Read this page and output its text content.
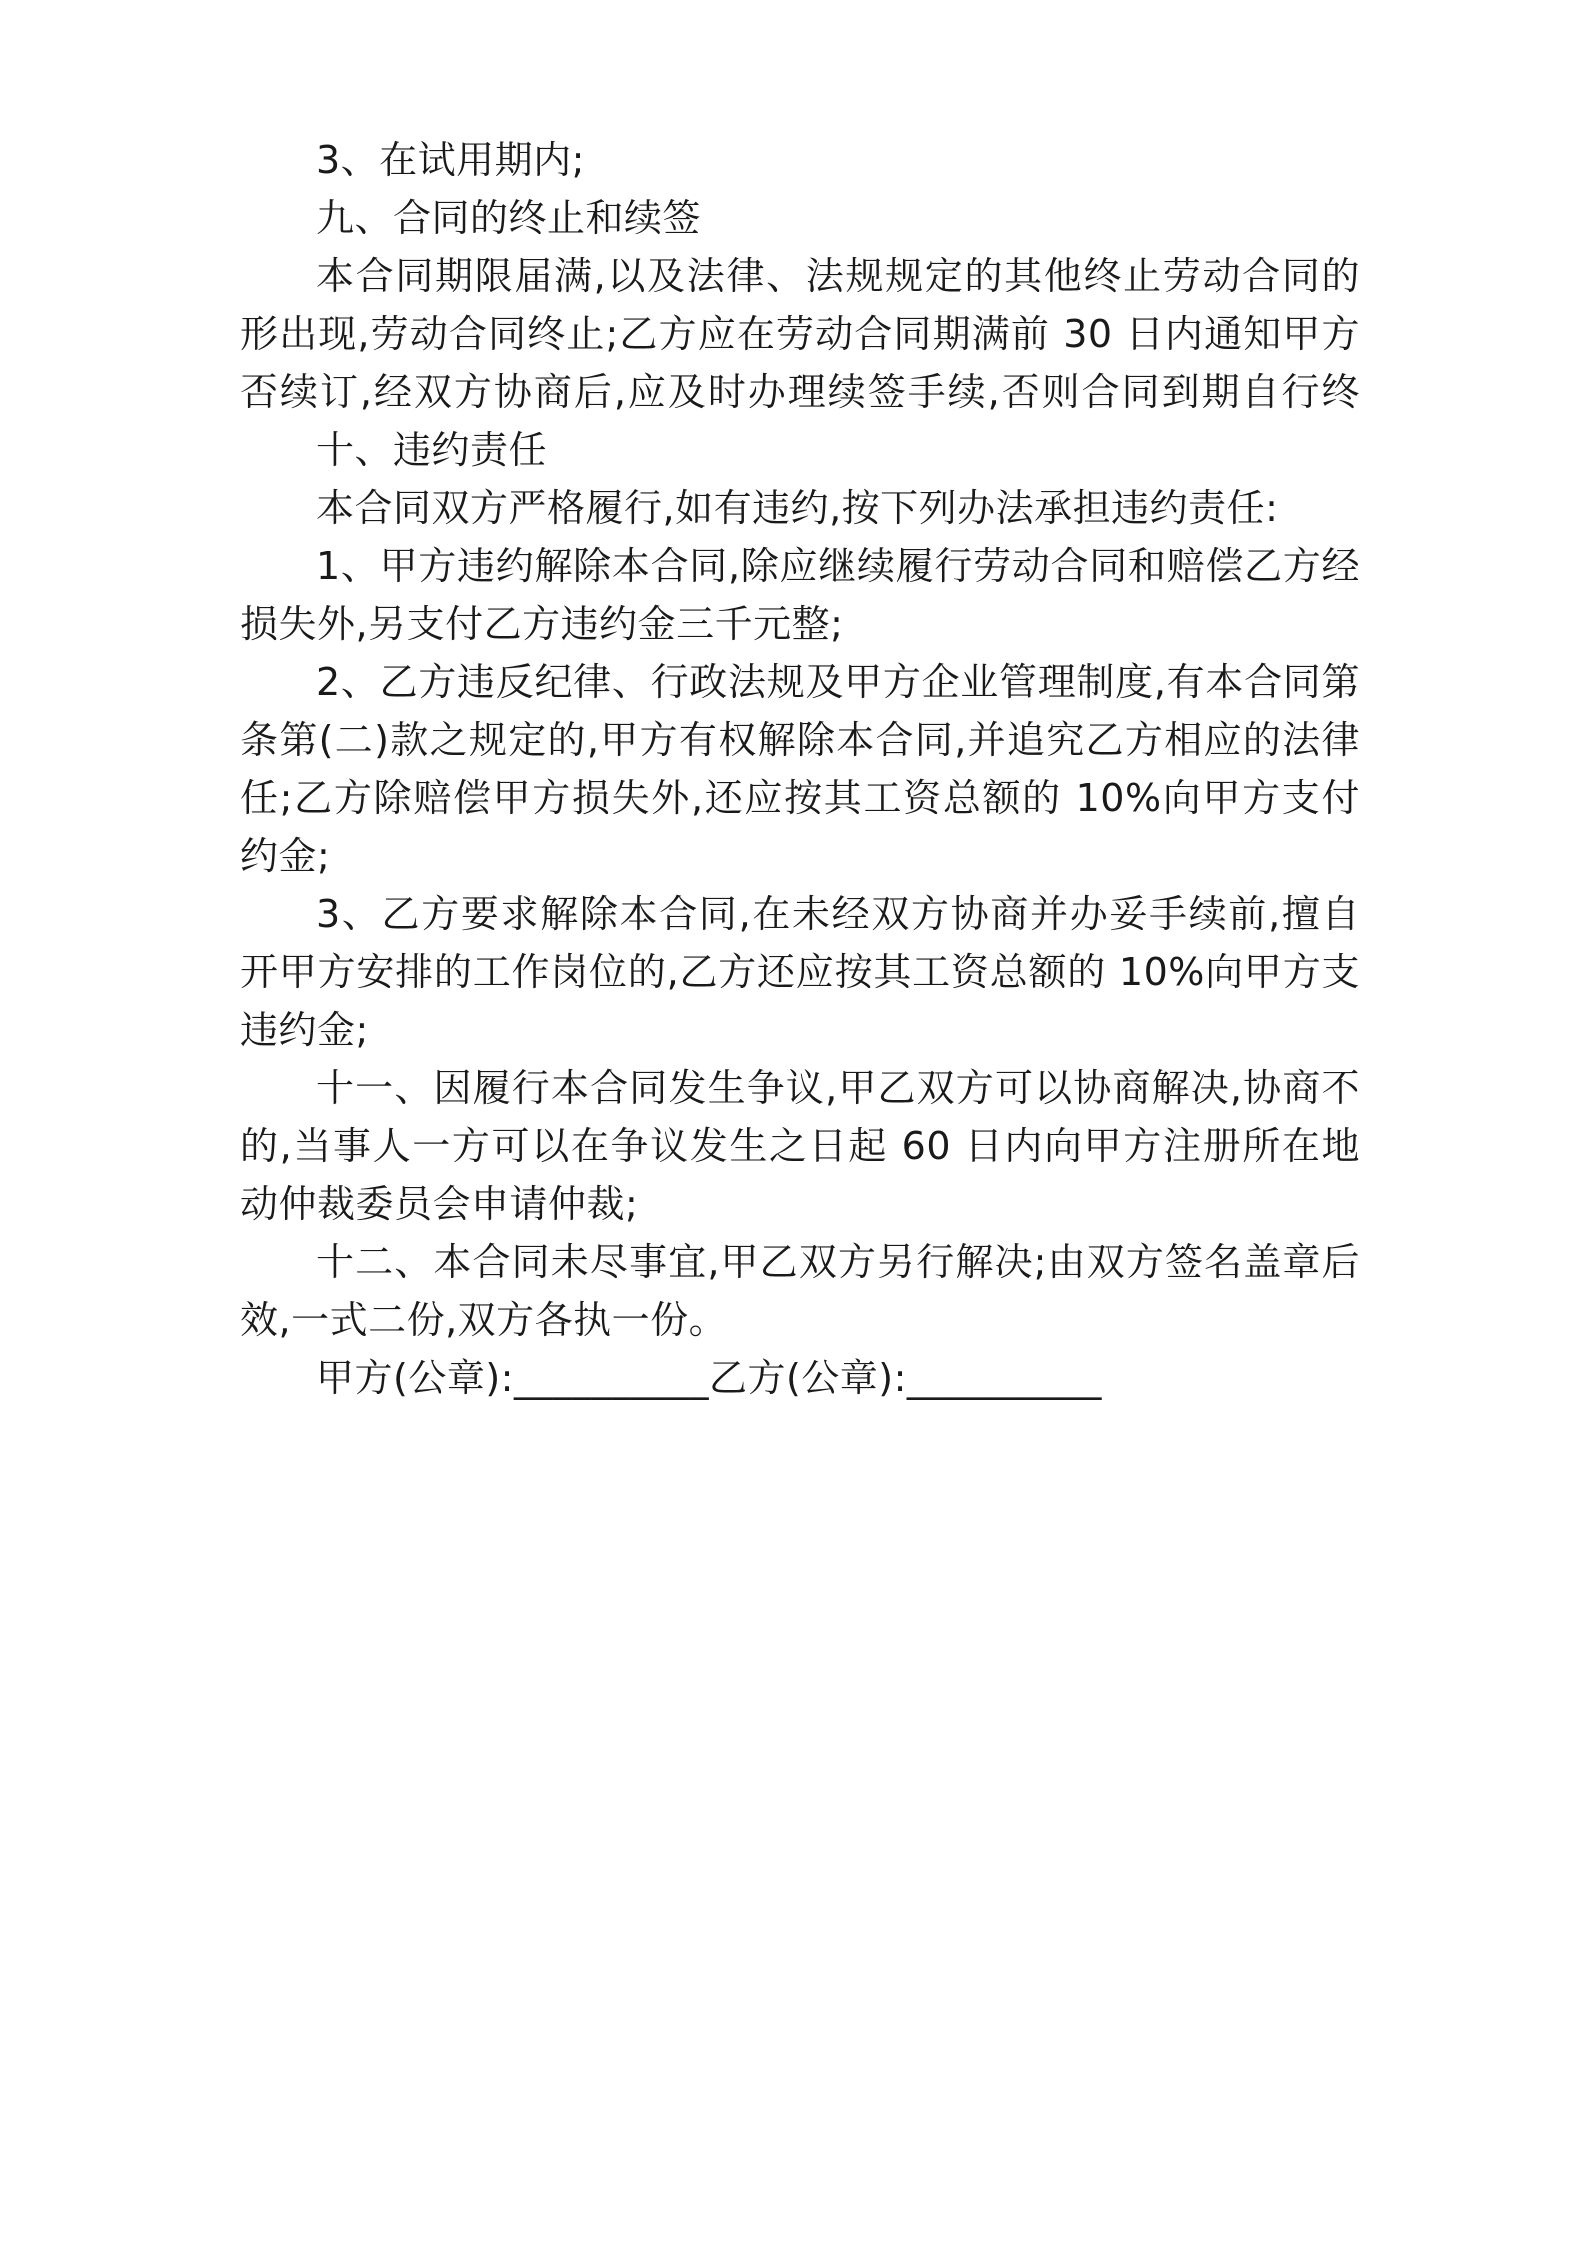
3、在试用期内;
九、合同的终止和续签
本合同期限届满,以及法律、法规规定的其他终止劳动合同的
形出现,劳动合同终止;乙方应在劳动合同期满前 30 日内通知甲方
否续订,经双方协商后,应及时办理续签手续,否则合同到期自行终
十、违约责任
本合同双方严格履行,如有违约,按下列办法承担违约责任:
1、甲方违约解除本合同,除应继续履行劳动合同和赔偿乙方经
损失外,另支付乙方违约金三千元整;
2、乙方违反纪律、行政法规及甲方企业管理制度,有本合同第
条第(二)款之规定的,甲方有权解除本合同,并追究乙方相应的法律
任;乙方除赔偿甲方损失外,还应按其工资总额的 10%向甲方支付
约金;
3、乙方要求解除本合同,在未经双方协商并办妥手续前,擅自
开甲方安排的工作岗位的,乙方还应按其工资总额的 10%向甲方支
违约金;
十一、因履行本合同发生争议,甲乙双方可以协商解决,协商不
的,当事人一方可以在争议发生之日起 60 日内向甲方注册所在地
动仲裁委员会申请仲裁;
十二、本合同未尽事宜,甲乙双方另行解决;由双方签名盖章后
效,一式二份,双方各执一份。
甲方(公章):__________乙方(公章):__________
